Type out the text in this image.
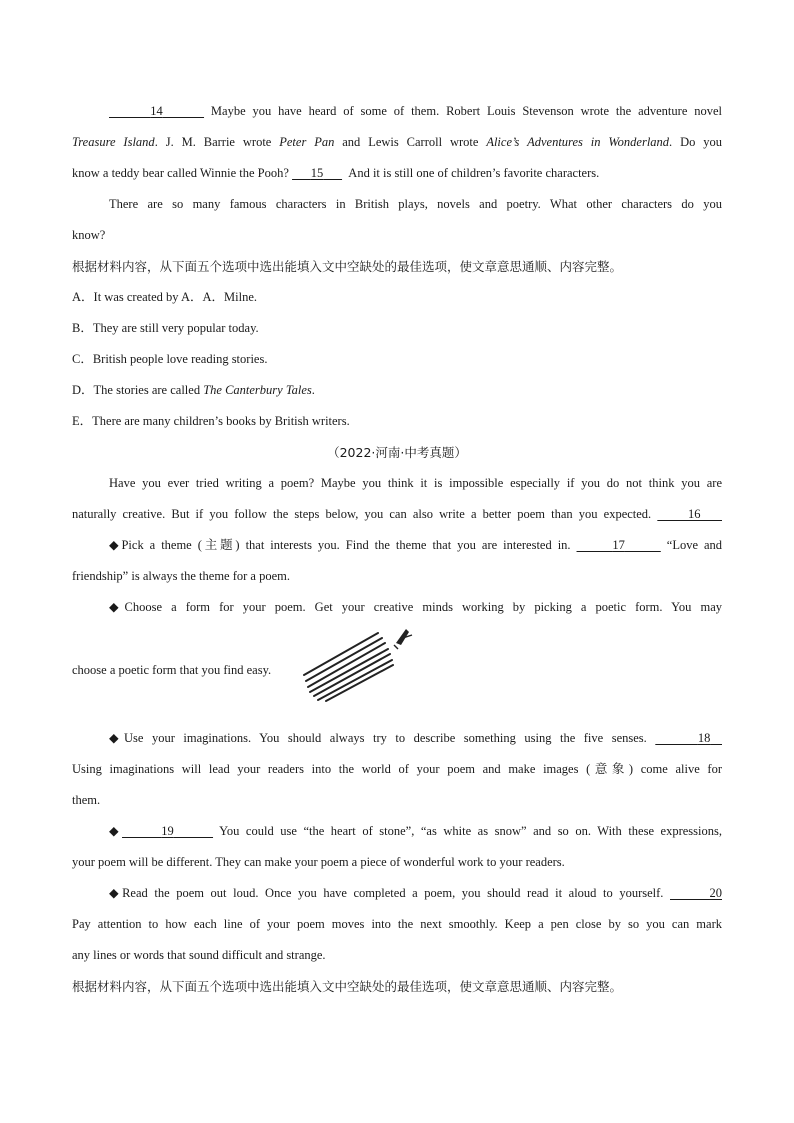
14	Maybe you have heard of some of them. Robert Louis Stevenson wrote the adventure novel
Treasure Island. J. M. Barrie wrote Peter Pan and Lewis Carroll wrote Alice’s Adventures in Wonderland. Do you
know a teddy bear called Winnie the Pooh? 15 And it is still one of children’s favorite characters.
There are so many famous characters in British plays, novels and poetry. What other characters do you
know?
根据材料内容，从下面五个选项中选出能填入文中空缺处的最佳选项，使文章意思通顺、内容完整。
A．It was created by A．A．Milne.
B．They are still very popular today.
C．British people love reading stories.
D．The stories are called The Canterbury Tales.
E．There are many children’s books by British writers.
（2022·河南·中考真题）
Have you ever tried writing a poem? Maybe you think it is impossible especially if you do not think you are
naturally creative. But if you follow the steps below, you can also write a better poem than you expected.	16
◆Pick a theme (主题) that interests you. Find the theme that you are interested in.	17	“Love and
friendship” is always the theme for a poem.
◆Choose a form for your poem. Get your creative minds working by picking a poetic form. You may
choose a poetic form that you find easy.
◆Use your imaginations. You should always try to describe something using the five senses.	18
Using imaginations will lead your readers into the world of your poem and make images (意象) come alive for
them.
◆	19	You could use “the heart of stone”, “as white as snow” and so on. With these expressions,
your poem will be different. They can make your poem a piece of wonderful work to your readers.
◆Read the poem out loud. Once you have completed a poem, you should read it aloud to yourself.	20
Pay attention to how each line of your poem moves into the next smoothly. Keep a pen close by so you can mark
any lines or words that sound difficult and strange.
根据材料内容，从下面五个选项中选出能填入文中空缺处的最佳选项，使文章意思通顺、内容完整。
